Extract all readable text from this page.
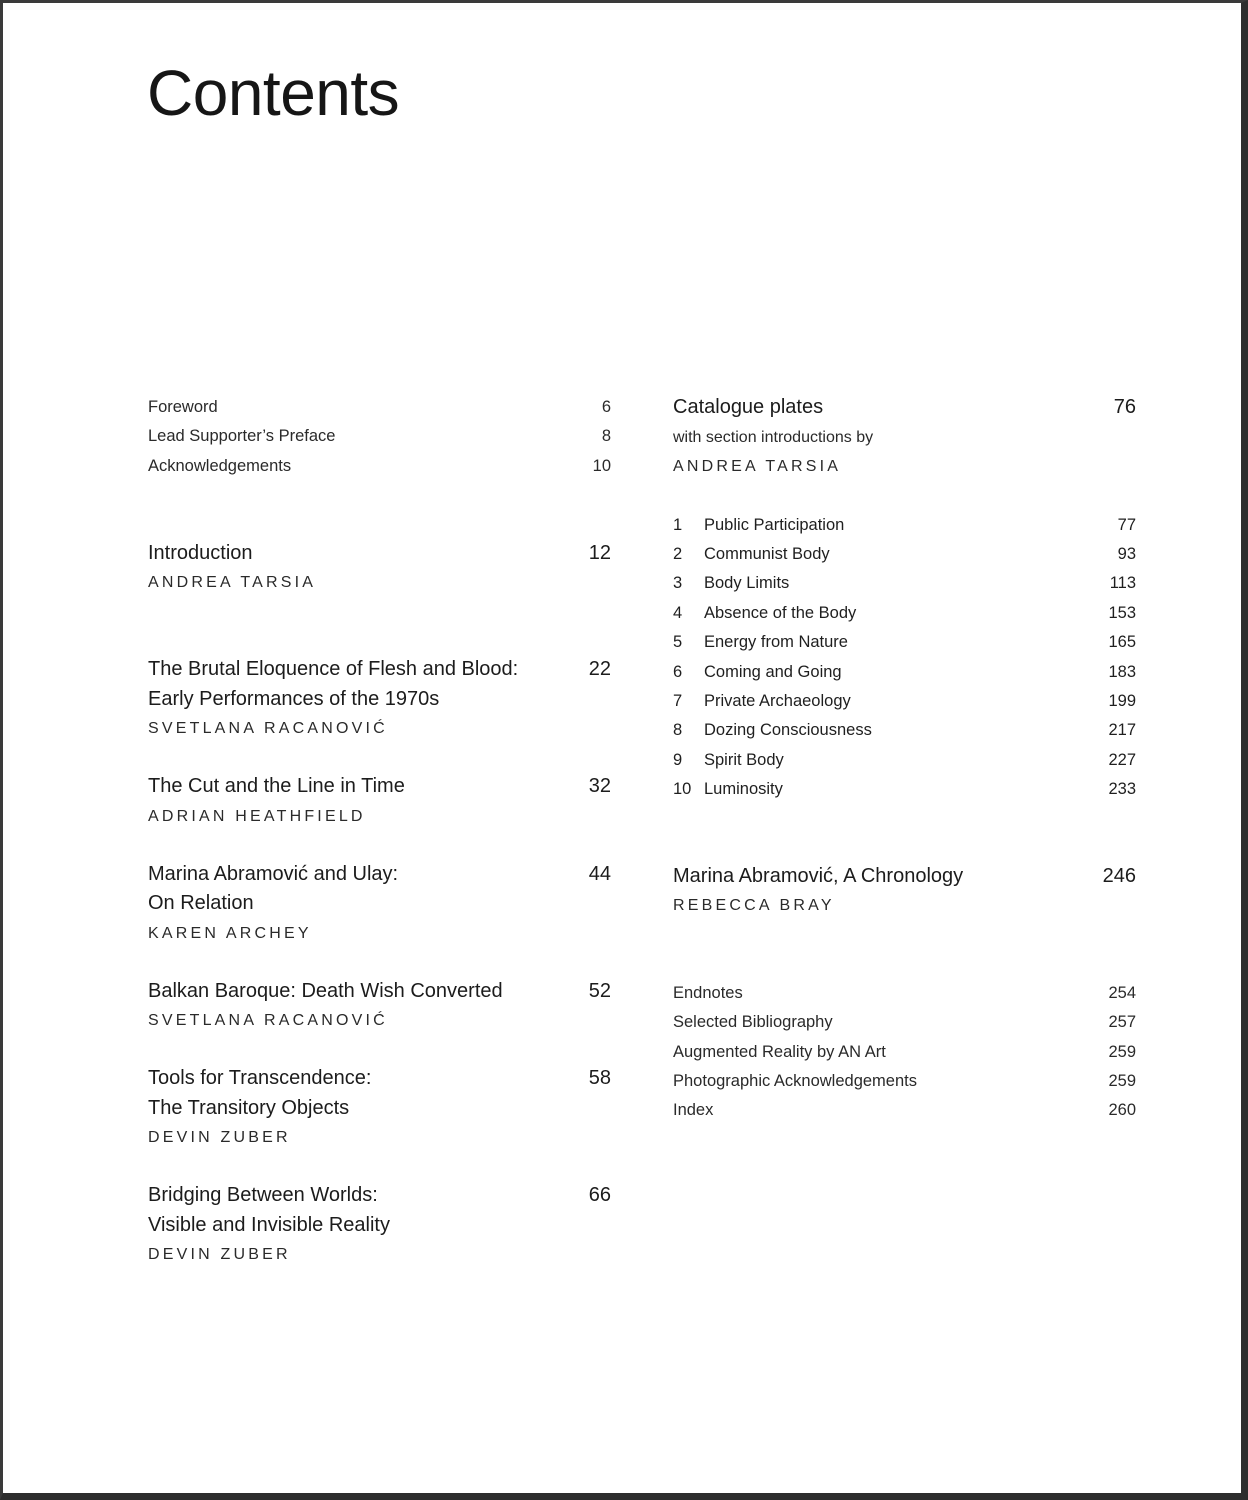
Contents
Foreword	6
Lead Supporter’s Preface	8
Acknowledgements	10
Introduction	12
ANDREA TARSIA
The Brutal Eloquence of Flesh and Blood:	22
Early Performances of the 1970s
SVETLANA RACANOVIĆ
The Cut and the Line in Time	32
ADRIAN HEATHFIELD
Marina Abramović and Ulay:	44
On Relation
KAREN ARCHEY
Balkan Baroque: Death Wish Converted	52
SVETLANA RACANOVIĆ
Tools for Transcendence:	58
The Transitory Objects
DEVIN ZUBER
Bridging Between Worlds:	66
Visible and Invisible Reality
DEVIN ZUBER
Catalogue plates	76
with section introductions by
ANDREA TARSIA
1	Public Participation	77
2	Communist Body	93
3	Body Limits	113
4	Absence of the Body	153
5	Energy from Nature	165
6	Coming and Going	183
7	Private Archaeology	199
8	Dozing Consciousness	217
9	Spirit Body	227
10 Luminosity	233
Marina Abramović, A Chronology	246
REBECCA BRAY
Endnotes	254
Selected Bibliography	257
Augmented Reality by AN Art	259
Photographic Acknowledgements	259
Index	260
